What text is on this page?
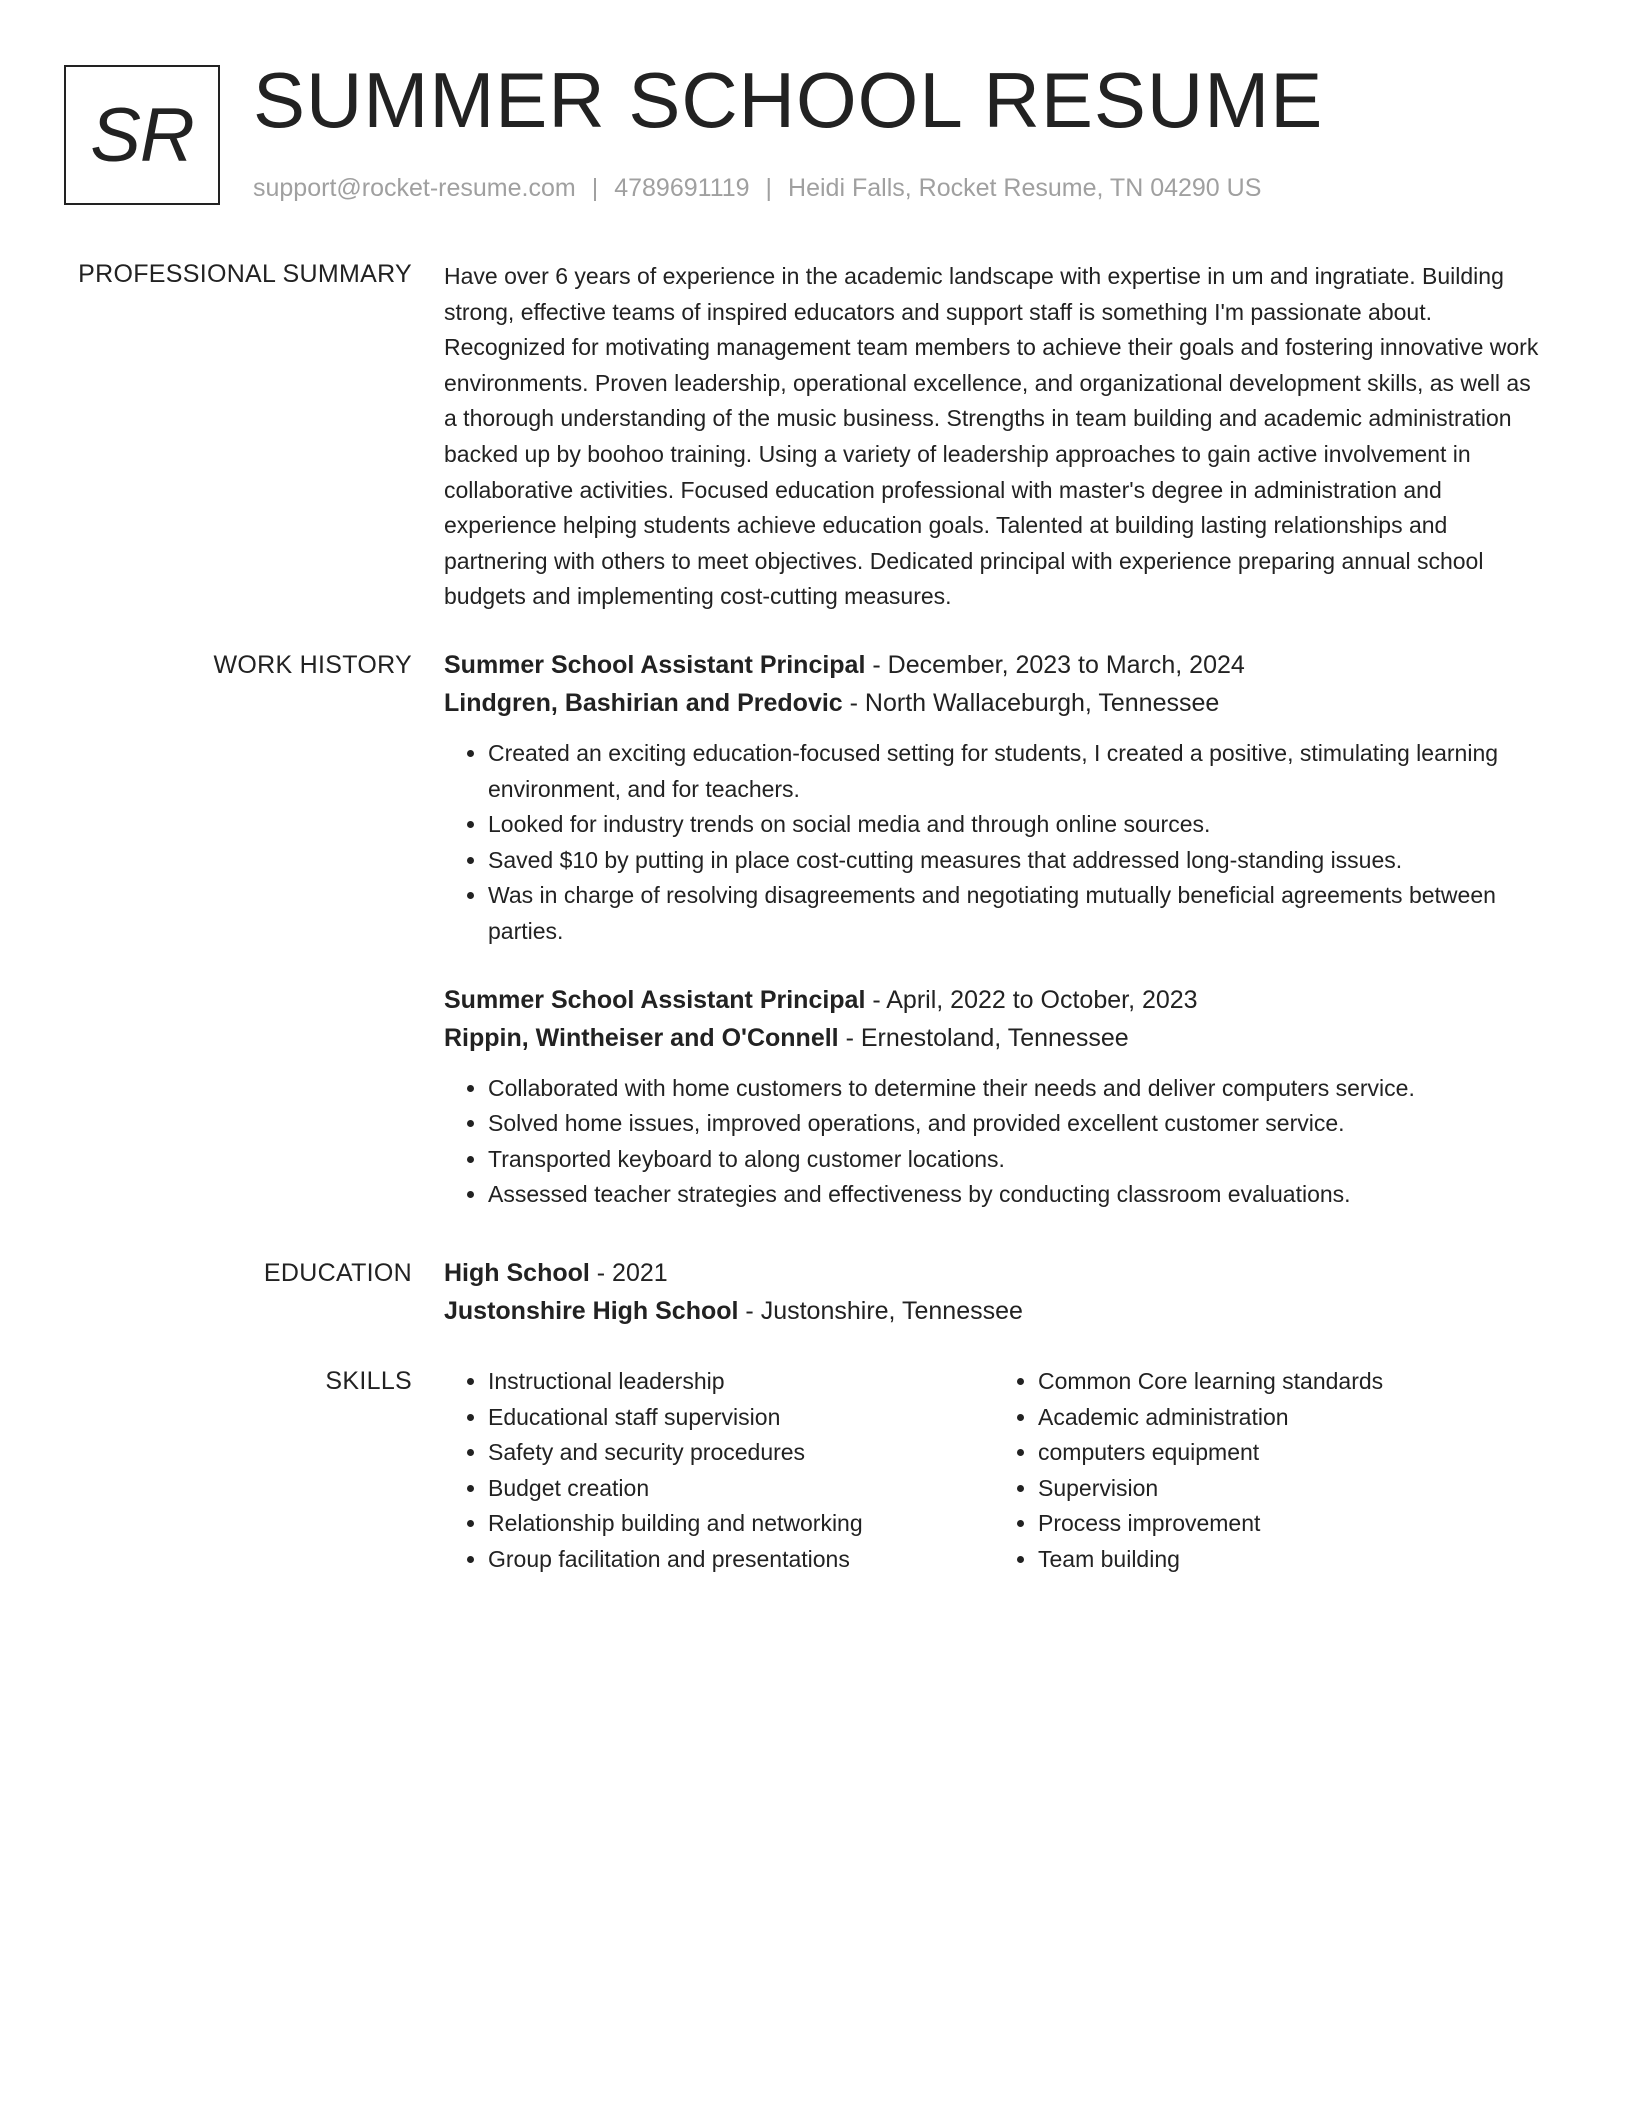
SR SUMMER SCHOOL RESUME
support@rocket-resume.com | 4789691119 | Heidi Falls, Rocket Resume, TN 04290 US
PROFESSIONAL SUMMARY Have over 6 years of experience in the academic landscape with expertise in um and ingratiate. Building strong, effective teams of inspired educators and support staff is something I'm passionate about. Recognized for motivating management team members to achieve their goals and fostering innovative work environments. Proven leadership, operational excellence, and organizational development skills, as well as a thorough understanding of the music business. Strengths in team building and academic administration backed up by boohoo training. Using a variety of leadership approaches to gain active involvement in collaborative activities. Focused education professional with master's degree in administration and experience helping students achieve education goals. Talented at building lasting relationships and partnering with others to meet objectives. Dedicated principal with experience preparing annual school budgets and implementing cost-cutting measures.

WORK HISTORY Summer School Assistant Principal - December, 2023 to March, 2024
Lindgren, Bashirian and Predovic - North Wallaceburgh, Tennessee
• Created an exciting education-focused setting for students, I created a positive, stimulating learning environment, and for teachers.
• Looked for industry trends on social media and through online sources.
• Saved $10 by putting in place cost-cutting measures that addressed long-standing issues.
• Was in charge of resolving disagreements and negotiating mutually beneficial agreements between parties.
Summer School Assistant Principal - April, 2022 to October, 2023
Rippin, Wintheiser and O'Connell - Ernestoland, Tennessee
• Collaborated with home customers to determine their needs and deliver computers service.
• Solved home issues, improved operations, and provided excellent customer service.
• Transported keyboard to along customer locations.
• Assessed teacher strategies and effectiveness by conducting classroom evaluations.
EDUCATION High School - 2021
Justonshire High School - Justonshire, Tennessee
SKILLS
•	Instructional leadership
• Educational staff supervision
• Safety and security procedures
• Budget creation
• Relationship building and networking
• Group facilitation and presentations
• Common Core learning standards
• Academic administration
• computers equipment
• Supervision
• Process improvement
• Team building
